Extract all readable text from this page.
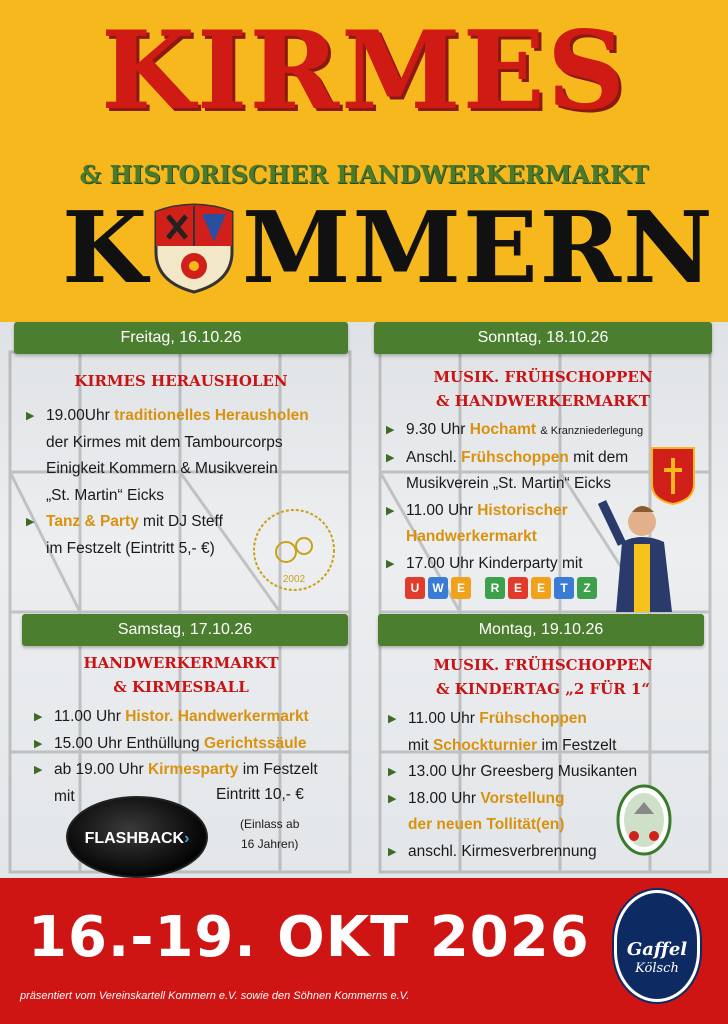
KIRMES
& HISTORISCHER HANDWERKERMARKT
K MMERN
Freitag, 16.10.26
KIRMES HERAUSHOLEN
▶ 19.00Uhr traditionelles Herausholen
der Kirmes mit dem Tambourcorps
Einigkeit Kommern & Musikverein
„St. Martin“ Eicks
▶ Tanz & Party mit DJ Steff
im Festzelt (Eintritt 5,- €)
2002
Sonntag, 18.10.26
MUSIK. FRÜHSCHOPPEN
& HANDWERKERMARKT
▶ 9.30 Uhr Hochamt & Kranzniederlegung
▶ Anschl. Frühschoppen mit dem
Musikverein „St. Martin“ Eicks
▶ 11.00 Uhr Historischer
Handwerkermarkt
▶ 17.00 Uhr Kinderparty mit
U	W	E	R	E	E	T	Z
Samstag, 17.10.26
HANDWERKERMARKT
& KIRMESBALL
▶ 11.00 Uhr Histor. Handwerkermarkt
▶ 15.00 Uhr Enthüllung Gerichtssäule
▶ ab 19.00 Uhr Kirmesparty im Festzelt
mit	Eintritt 10,- €
(Einlass ab
16 Jahren)
FLASHBACK›
Montag, 19.10.26
MUSIK. FRÜHSCHOPPEN
& KINDERTAG „2 FÜR 1“
▶ 11.00 Uhr Frühschoppen
mit Schockturnier im Festzelt
▶ 13.00 Uhr Greesberg Musikanten
▶ 18.00 Uhr Vorstellung
der neuen Tollität(en)
▶ anschl. Kirmesverbrennung
16.-19. OKT 2026
präsentiert vom Vereinskartell Kommern e.V. sowie den Söhnen Kommerns e.V.
Gaffel
Kölsch
